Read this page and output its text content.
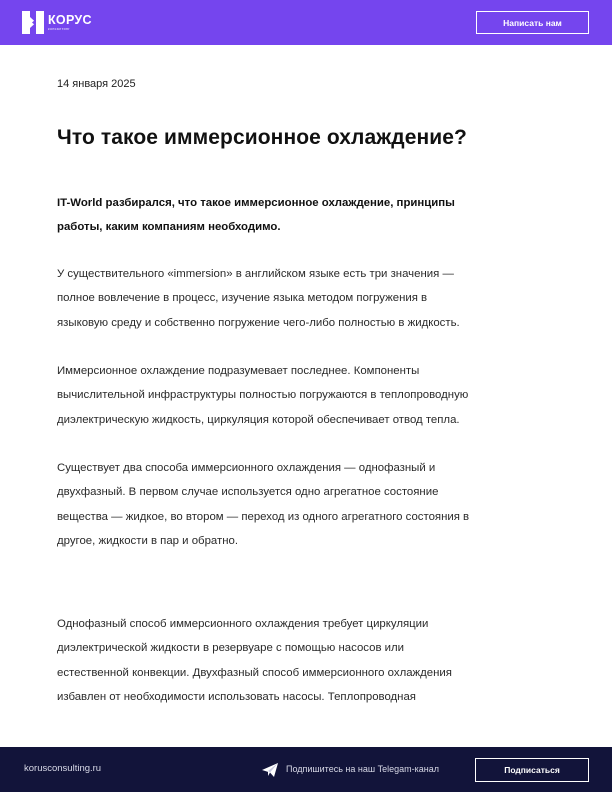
КОРУС
консалтинг
Написать нам
14 января 2025
Что такое иммерсионное охлаждение?

IT-World разбирался, что такое иммерсионное охлаждение, принципы
работы, каким компаниям необходимо.

У существительного «immersion» в английском языке есть три значения —
полное вовлечение в процесс, изучение языка методом погружения в
языковую среду и собственно погружение чего-либо полностью в жидкость.

Иммерсионное охлаждение подразумевает последнее. Компоненты
вычислительной инфраструктуры полностью погружаются в теплопроводную
диэлектрическую жидкость, циркуляция которой обеспечивает отвод тепла.

Существует два способа иммерсионного охлаждения — однофазный и
двухфазный. В первом случае используется одно агрегатное состояние
вещества — жидкое, во втором — переход из одного агрегатного состояния в
другое, жидкости в пар и обратно.

Однофазный способ иммерсионного охлаждения требует циркуляции
диэлектрической жидкости в резервуаре с помощью насосов или
естественной конвекции. Двухфазный способ иммерсионного охлаждения
избавлен от необходимости использовать насосы. Теплопроводная

korusconsulting.ru	Подпишитесь на наш Telegam-канал	Подписаться
